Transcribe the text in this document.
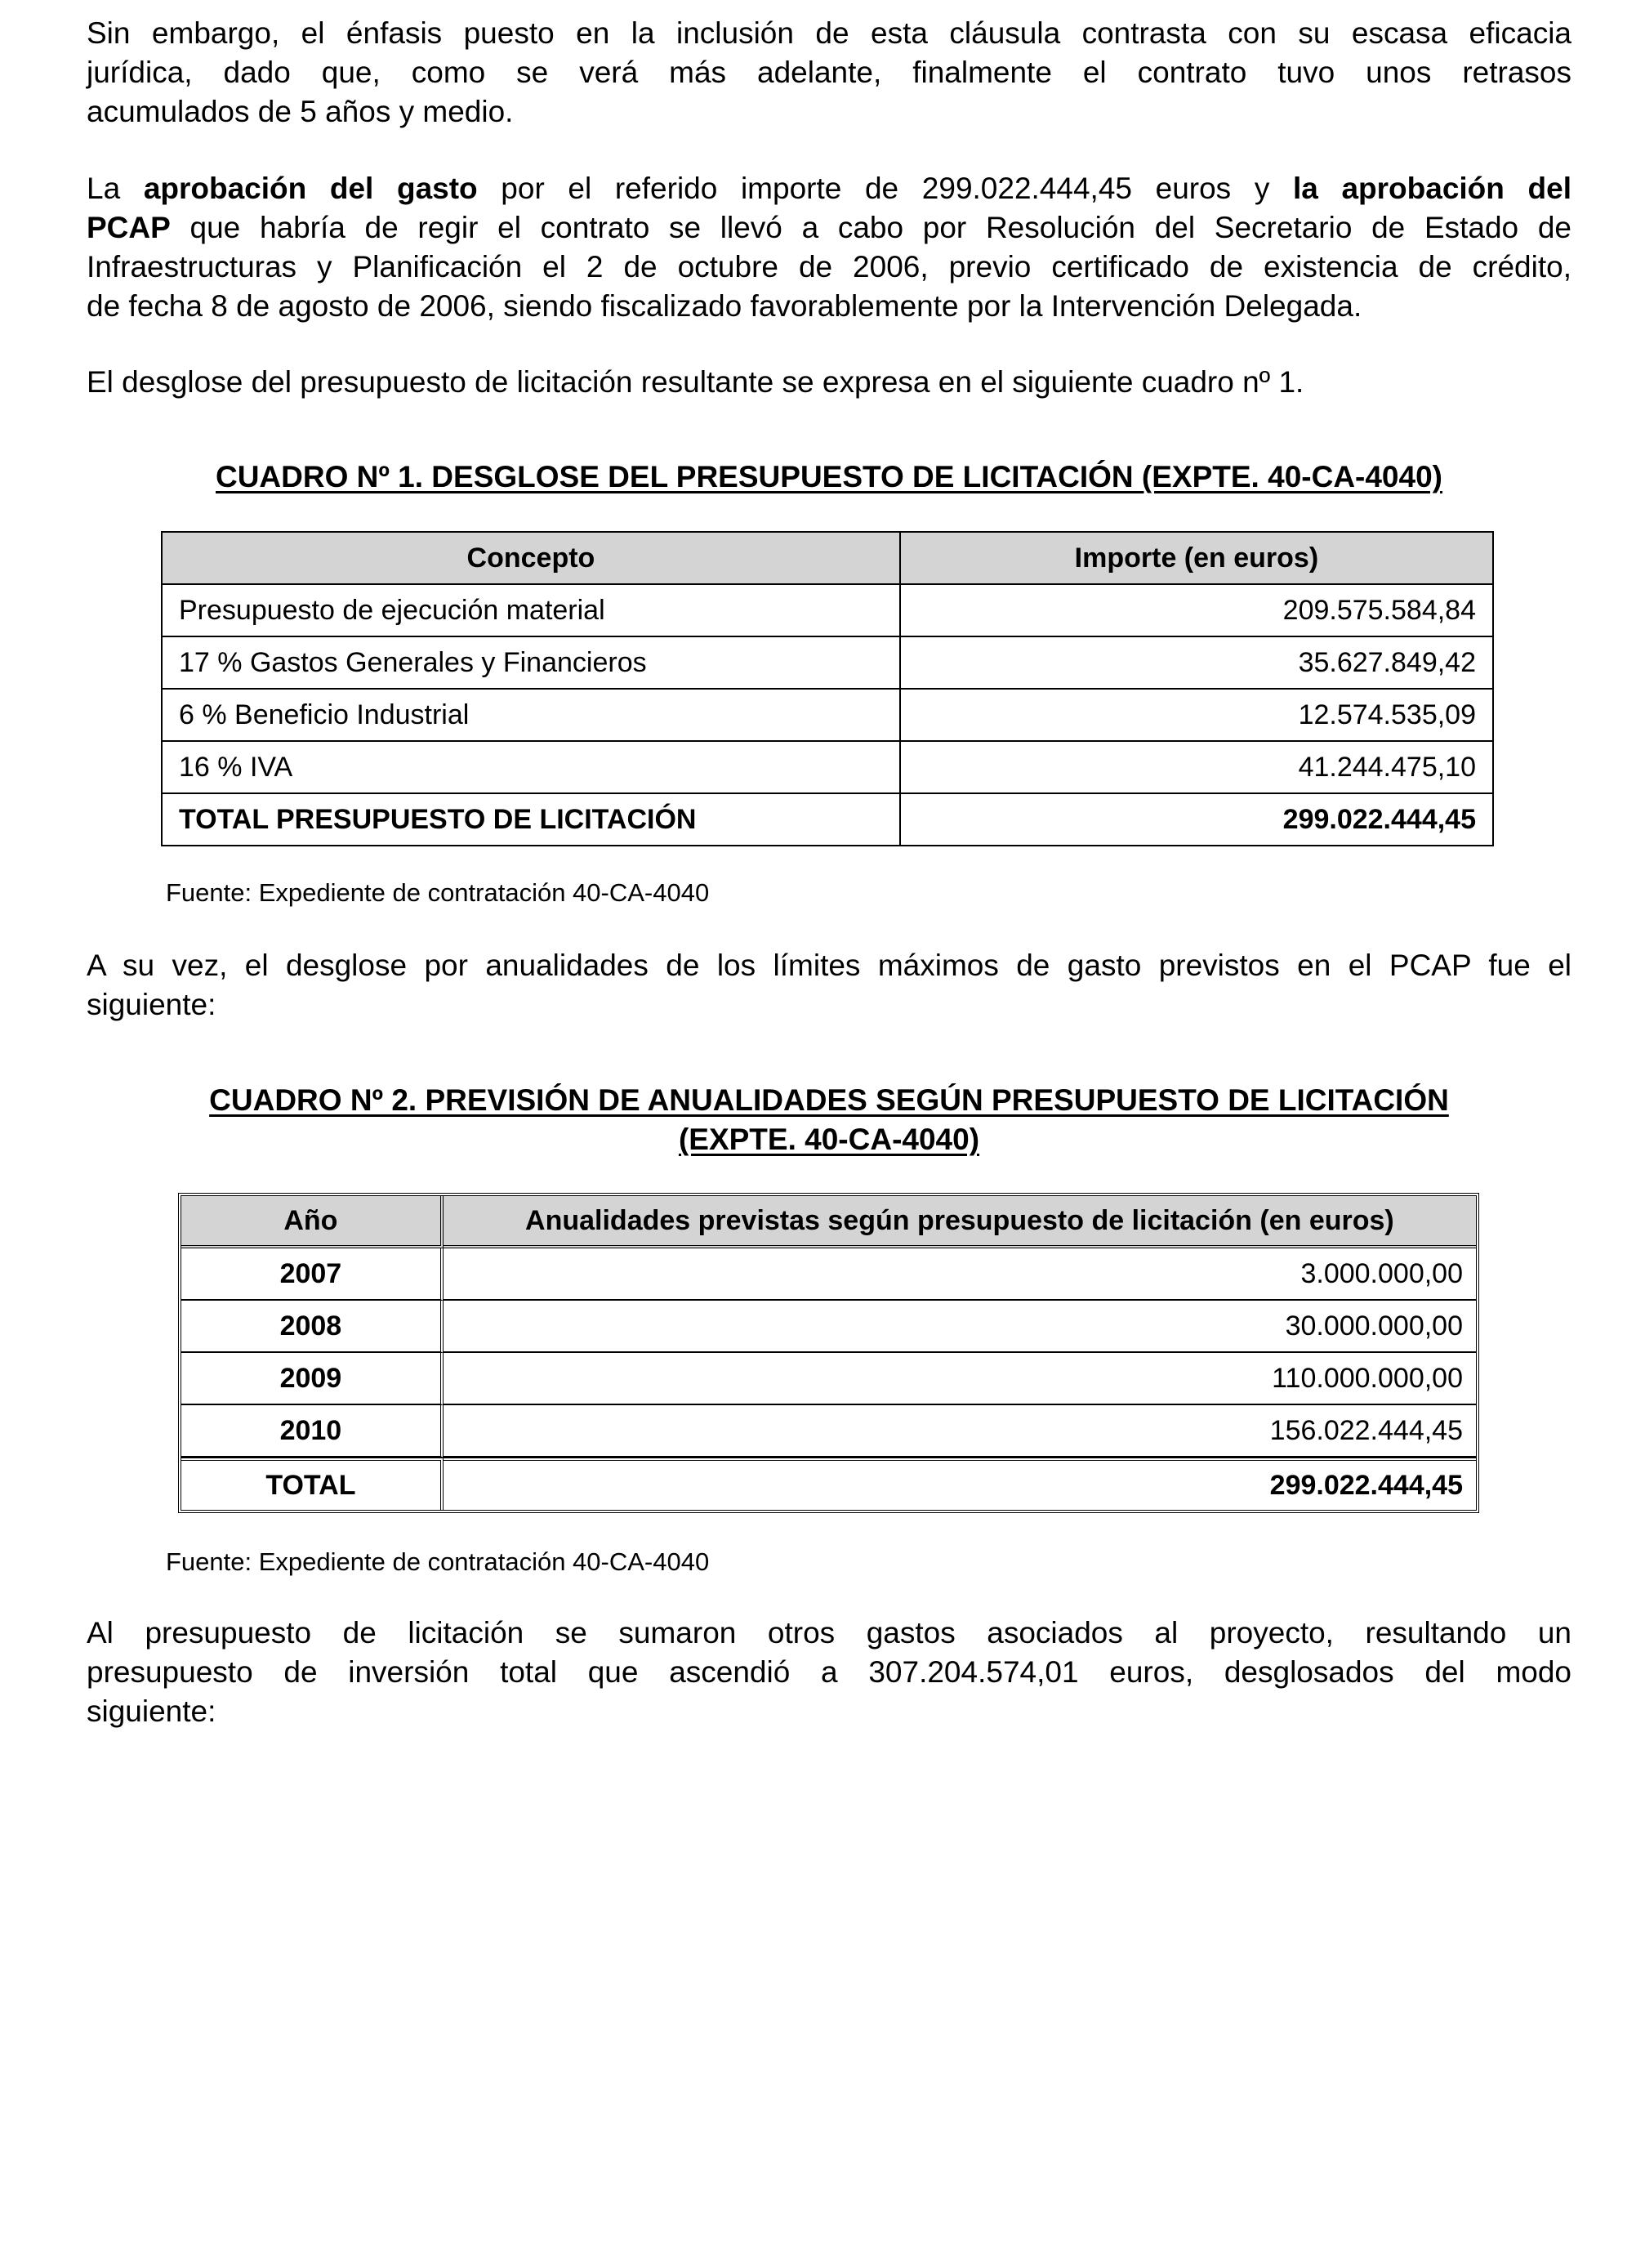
Sin embargo, el énfasis puesto en la inclusión de esta cláusula contrasta con su escasa eficacia
jurídica, dado que, como se verá más adelante, finalmente el contrato tuvo unos retrasos
acumulados de 5 años y medio.
La aprobación del gasto por el referido importe de 299.022.444,45 euros y la aprobación del
PCAP que habría de regir el contrato se llevó a cabo por Resolución del Secretario de Estado de
Infraestructuras y Planificación el 2 de octubre de 2006, previo certificado de existencia de crédito,
de fecha 8 de agosto de 2006, siendo fiscalizado favorablemente por la Intervención Delegada.
El desglose del presupuesto de licitación resultante se expresa en el siguiente cuadro nº 1.
CUADRO Nº 1. DESGLOSE DEL PRESUPUESTO DE LICITACIÓN (EXPTE. 40-CA-4040)
Concepto	Importe (en euros)
Presupuesto de ejecución material	209.575.584,84
17 % Gastos Generales y Financieros	35.627.849,42
6 % Beneficio Industrial	12.574.535,09
16 % IVA	41.244.475,10
TOTAL PRESUPUESTO DE LICITACIÓN	299.022.444,45
Fuente: Expediente de contratación 40-CA-4040
A su vez, el desglose por anualidades de los límites máximos de gasto previstos en el PCAP fue el
siguiente:
CUADRO Nº 2. PREVISIÓN DE ANUALIDADES SEGÚN PRESUPUESTO DE LICITACIÓN
(EXPTE. 40-CA-4040)
Año	Anualidades previstas según presupuesto de licitación (en euros)
2007	3.000.000,00
2008	30.000.000,00
2009	110.000.000,00
2010	156.022.444,45
TOTAL	299.022.444,45
Fuente: Expediente de contratación 40-CA-4040
Al presupuesto de licitación se sumaron otros gastos asociados al proyecto, resultando un
presupuesto de inversión total que ascendió a 307.204.574,01 euros, desglosados del modo
siguiente:
